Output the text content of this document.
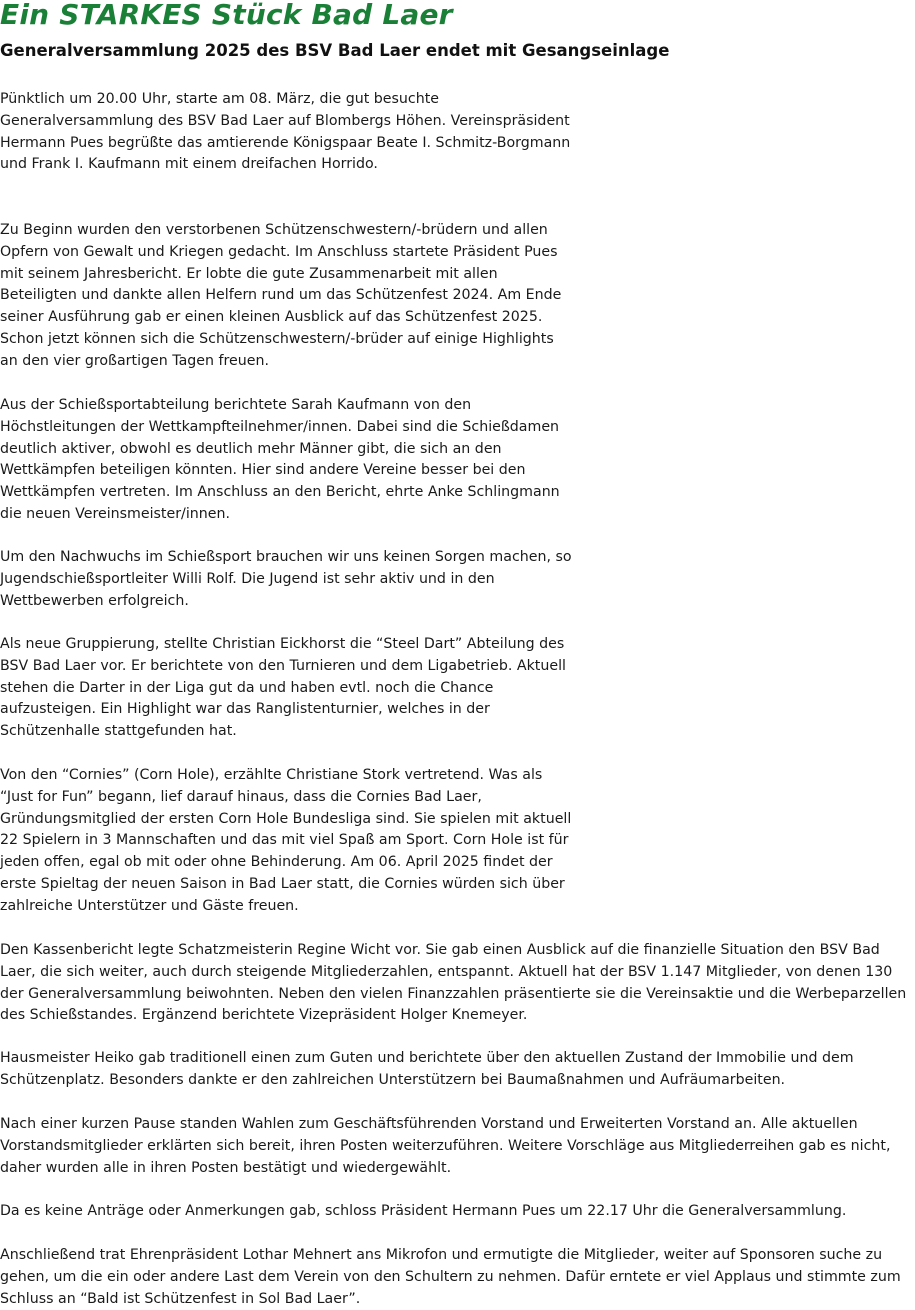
Ein STARKES Stück Bad Laer
Generalversammlung 2025 des BSV Bad Laer endet mit Gesangseinlage

Pünktlich um 20.00 Uhr, starte am 08. März, die gut besuchte Generalversammlung des BSV Bad Laer auf Blombergs Höhen. Vereinspräsident Hermann Pues begrüßte das amtierende Königspaar Beate I. Schmitz-Borgmann und Frank I. Kaufmann mit einem dreifachen Horrido.

Zu Beginn wurden den verstorbenen Schützenschwestern/-brüdern und allen Opfern von Gewalt und Kriegen gedacht. Im Anschluss startete Präsident Pues mit seinem Jahresbericht. Er lobte die gute Zusammenarbeit mit allen Beteiligten und dankte allen Helfern rund um das Schützenfest 2024. Am Ende seiner Ausführung gab er einen kleinen Ausblick auf das Schützenfest 2025. Schon jetzt können sich die Schützenschwestern/-brüder auf einige Highlights an den vier großartigen Tagen freuen.

Aus der Schießsportabteilung berichtete Sarah Kaufmann von den Höchstleitungen der Wettkampfteilnehmer/innen. Dabei sind die Schießdamen deutlich aktiver, obwohl es deutlich mehr Männer gibt, die sich an den Wettkämpfen beteiligen könnten. Hier sind andere Vereine besser bei den Wettkämpfen vertreten. Im Anschluss an den Bericht, ehrte Anke Schlingmann die neuen Vereinsmeister/innen.

Um den Nachwuchs im Schießsport brauchen wir uns keinen Sorgen machen, so Jugendschießsportleiter Willi Rolf. Die Jugend ist sehr aktiv und in den Wettbewerben erfolgreich.

Als neue Gruppierung, stellte Christian Eickhorst die “Steel Dart” Abteilung des BSV Bad Laer vor. Er berichtete von den Turnieren und dem Ligabetrieb. Aktuell stehen die Darter in der Liga gut da und haben evtl. noch die Chance aufzusteigen. Ein Highlight war das Ranglistenturnier, welches in der Schützenhalle stattgefunden hat.

Von den “Cornies” (Corn Hole), erzählte Christiane Stork vertretend. Was als “Just for Fun” begann, lief darauf hinaus, dass die Cornies Bad Laer, Gründungsmitglied der ersten Corn Hole Bundesliga sind. Sie spielen mit aktuell 22 Spielern in 3 Mannschaften und das mit viel Spaß am Sport. Corn Hole ist für jeden offen, egal ob mit oder ohne Behinderung. Am 06. April 2025 findet der erste Spieltag der neuen Saison in Bad Laer statt, die Cornies würden sich über zahlreiche Unterstützer und Gäste freuen.

Den Kassenbericht legte Schatzmeisterin Regine Wicht vor. Sie gab einen Ausblick auf die finanzielle Situation den BSV Bad Laer, die sich weiter, auch durch steigende Mitgliederzahlen, entspannt. Aktuell hat der BSV 1.147 Mitglieder, von denen 130 der Generalversammlung beiwohnten. Neben den vielen Finanzzahlen präsentierte sie die Vereinsaktie und die Werbeparzellen des Schießstandes. Ergänzend berichtete Vizepräsident Holger Knemeyer.

Hausmeister Heiko gab traditionell einen zum Guten und berichtete über den aktuellen Zustand der Immobilie und dem Schützenplatz. Besonders dankte er den zahlreichen Unterstützern bei Baumaßnahmen und Aufräumarbeiten.

Nach einer kurzen Pause standen Wahlen zum Geschäftsführenden Vorstand und Erweiterten Vorstand an. Alle aktuellen Vorstandsmitglieder erklärten sich bereit, ihren Posten weiterzuführen. Weitere Vorschläge aus Mitgliederreihen gab es nicht, daher wurden alle in ihren Posten bestätigt und wiedergewählt.

Da es keine Anträge oder Anmerkungen gab, schloss Präsident Hermann Pues um 22.17 Uhr die Generalversammlung.

Anschließend trat Ehrenpräsident Lothar Mehnert ans Mikrofon und ermutigte die Mitglieder, weiter auf Sponsoren suche zu gehen, um die ein oder andere Last dem Verein von den Schultern zu nehmen. Dafür erntete er viel Applaus und stimmte zum Schluss an “Bald ist Schützenfest in Sol Bad Laer”.
